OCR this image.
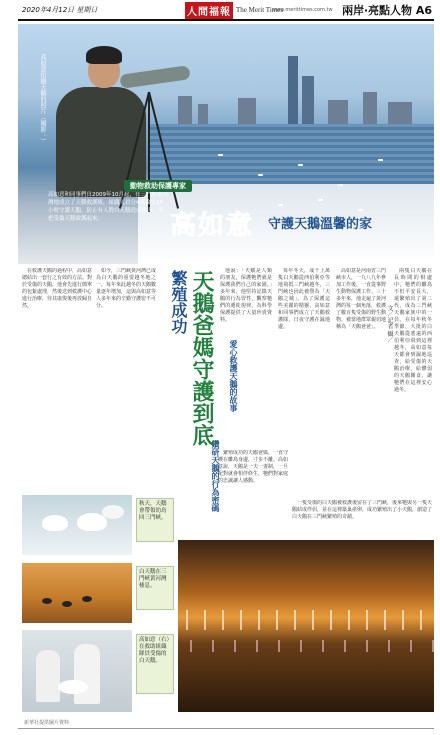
2020年4月12日 星期日	人間福報 The Merit Times
www.merittimes.com.tw 兩岸‧亮點人物 A6
高如意拍攝天鵝的照片（攝影：）
高如意和同事們自2009年10月起，在三門峽黃河灣地成立了天鵝救護隊，組織人員分4班輪流24小時守護天鵝，防止有人對白天鵝造成傷害，並把受傷天鵝救護起來。
動物救助保護專家
高如意 守護天鵝溫馨的家

兩隻白天鵝在長時間的相處中，牠們的雛鳥不但平安長大，還繁殖出了第二代，成為三門峽天鵝家族中的一員。在每年秋冬季節，大批的白天鵝從遙遠的西伯利亞飛到這裡越冬，高如意每天都會到濕地巡查，給受傷的天鵝治療，給體弱的天鵝餵食，讓牠們在這裡安心過冬。

高如意是河南省三門峽市人，一九八九年參加工作後，一直從事野生動物保護工作。三十多年來，他走遍了黃河灣的每一個角落，救護了數百隻受傷的野生動物，被當地群眾親切地稱為「天鵝爸爸」。

每年冬天，成千上萬隻白天鵝從西伯利亞等地飛抵三門峽越冬，三門峽也因此被譽為「天鵝之城」。為了保護這些美麗的精靈，高如意和同事們成立了天鵝救護隊，日夜守護在濕地邊。

他說：「天鵝是人類的朋友，保護牠們就是保護我們自己的家園。」多年來，他堅持記錄天鵝的行為習性，觀察牠們的遷徙規律，為科學保護提供了大量珍貴資料。	文／記者 攝／
愛心救護天鵝的故事
鑽研天鵝的行為密碼

在救護天鵝的過程中，高如意總結出一套行之有效的方法。對於受傷的天鵝，他會先進行簡單的包紮處理，然後送到救護中心進行治療，待其康復後再放歸自然。

如今，三門峽黃河灣已成為白天鵝的重要越冬地之一，每年來此越冬的天鵝數量逐年增加，這與高如意等人多年來的辛勤守護密不可分。	繁殖成功 天鵝爸媽守護到底

繁殖成功的天鵝爸媽，一直守護在雛鳥身邊，寸步不離。高如意說，天鵝是一夫一妻制，一旦配對就會相伴終生，牠們對家庭的忠誠讓人感動。

一隻受傷的白天鵝被救護後留在了三門峽，後來牠與另一隻天鵝結成伴侶，並在這裡築巢產卵，成功繁殖出了小天鵝，創造了白天鵝在三門峽繁殖的奇蹟。

秋天，天鵝會帶領幼鳥回三門峽。
白天鵝在三門峽黃河灣棲息。
高如意（右）在救助組織隊員受傷的白天鵝。
新華社提供圖片資料
